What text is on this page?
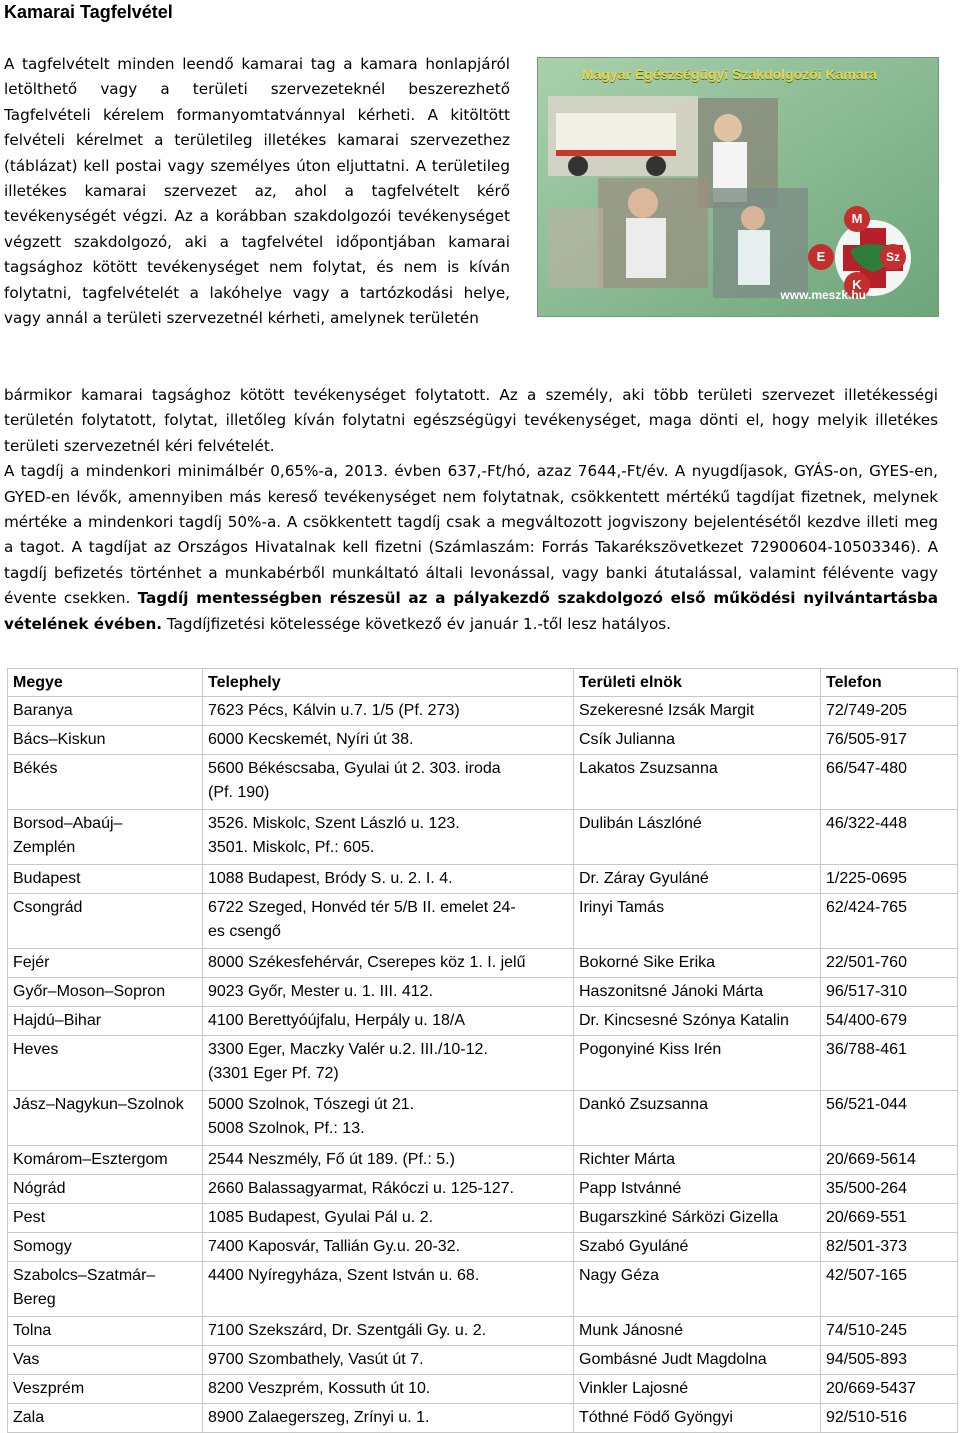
Kamarai Tagfelvétel
A tagfelvételt minden leendő kamarai tag a kamara honlapjáról letölthető vagy a területi szervezeteknél beszerezhető Tagfelvételi kérelem formanyomtatvánnyal kérheti. A kitöltött felvételi kérelmet a területileg illetékes kamarai szervezethez (táblázat) kell postai vagy személyes úton eljuttatni. A területileg illetékes kamarai szervezet az, ahol a tagfelvételt kérő tevékenységét végzi. Az a korábban szakdolgozói tevékenységet végzett szakdolgozó, aki a tagfelvétel időpontjában kamarai tagsághoz kötött tevékenységet nem folytat, és nem is kíván folytatni, tagfelvételét a lakóhelye vagy a tartózkodási helye, vagy annál a területi szervezetnél kérheti, amelynek területén
Magyar Egészségügyi Szakdolgozói Kamara
M
E	Sz
K
www.meszk.hu
bármikor kamarai tagsághoz kötött tevékenységet folytatott. Az a személy, aki több területi szervezet illetékességi területén folytatott, folytat, illetőleg kíván folytatni egészségügyi tevékenységet, maga dönti el, hogy melyik illetékes területi szervezetnél kéri felvételét.
A tagdíj a mindenkori minimálbér 0,65%-a, 2013. évben 637,-Ft/hó, azaz 7644,-Ft/év. A nyugdíjasok, GYÁS-on, GYES-en, GYED-en lévők, amennyiben más kereső tevékenységet nem folytatnak, csökkentett mértékű tagdíjat fizetnek, melynek mértéke a mindenkori tagdíj 50%-a. A csökkentett tagdíj csak a megváltozott jogviszony bejelentésétől kezdve illeti meg a tagot. A tagdíjat az Országos Hivatalnak kell fizetni (Számlaszám: Forrás Takarékszövetkezet 72900604-10503346). A tagdíj befizetés történhet a munkabérből munkáltató általi levonással, vagy banki átutalással, valamint félévente vagy évente csekken. Tagdíj mentességben részesül az a pályakezdő szakdolgozó első működési nyilvántartásba vételének évében. Tagdíjfizetési kötelessége következő év január 1.-től lesz hatályos.
Megye	Telephely	Területi elnök	Telefon

Baranya	7623 Pécs, Kálvin u.7. 1/5 (Pf. 273)	Szekeresné Izsák Margit	72/749-205

Bács–Kiskun	6000 Kecskemét, Nyíri út 38.	Csík Julianna	76/505-917

Békés	5600 Békéscsaba, Gyulai út 2. 303. iroda
(Pf. 190)	Lakatos Zsuzsanna	66/547-480

Borsod–Abaúj–
Zemplén	3526. Miskolc, Szent László u. 123.
3501. Miskolc, Pf.: 605.	Dulibán Lászlóné	46/322-448

Budapest	1088 Budapest, Bródy S. u. 2. I. 4.	Dr. Záray Gyuláné	1/225-0695

Csongrád	6722 Szeged, Honvéd tér 5/B II. emelet 24-
es csengő	Irinyi Tamás	62/424-765

Fejér	8000 Székesfehérvár, Cserepes köz 1. I. jelű	Bokorné Sike Erika	22/501-760

Győr–Moson–Sopron	9023 Győr, Mester u. 1. III. 412.	Haszonitsné Jánoki Márta	96/517-310

Hajdú–Bihar	4100 Berettyóújfalu, Herpály u. 18/A	Dr. Kincsesné Szónya Katalin	54/400-679

Heves	3300 Eger, Maczky Valér u.2. III./10-12.
(3301 Eger Pf. 72)	Pogonyiné Kiss Irén	36/788-461

Jász–Nagykun–Szolnok	5000 Szolnok, Tószegi út 21.
5008 Szolnok, Pf.: 13.	Dankó Zsuzsanna	56/521-044

Komárom–Esztergom	2544 Neszmély, Fő út 189. (Pf.: 5.)	Richter Márta	20/669-5614

Nógrád	2660 Balassagyarmat, Rákóczi u. 125-127.	Papp Istvánné	35/500-264

Pest	1085 Budapest, Gyulai Pál u. 2.	Bugarszkiné Sárközi Gizella	20/669-551

Somogy	7400 Kaposvár, Tallián Gy.u. 20-32.	Szabó Gyuláné	82/501-373

Szabolcs–Szatmár–
Bereg	4400 Nyíregyháza, Szent István u. 68.	Nagy Géza	42/507-165

Tolna	7100 Szekszárd, Dr. Szentgáli Gy. u. 2.	Munk Jánosné	74/510-245

Vas	9700 Szombathely, Vasút út 7.	Gombásné Judt Magdolna	94/505-893

Veszprém	8200 Veszprém, Kossuth út 10.	Vinkler Lajosné	20/669-5437

Zala	8900 Zalaegerszeg, Zrínyi u. 1.	Tóthné Födő Gyöngyi	92/510-516
